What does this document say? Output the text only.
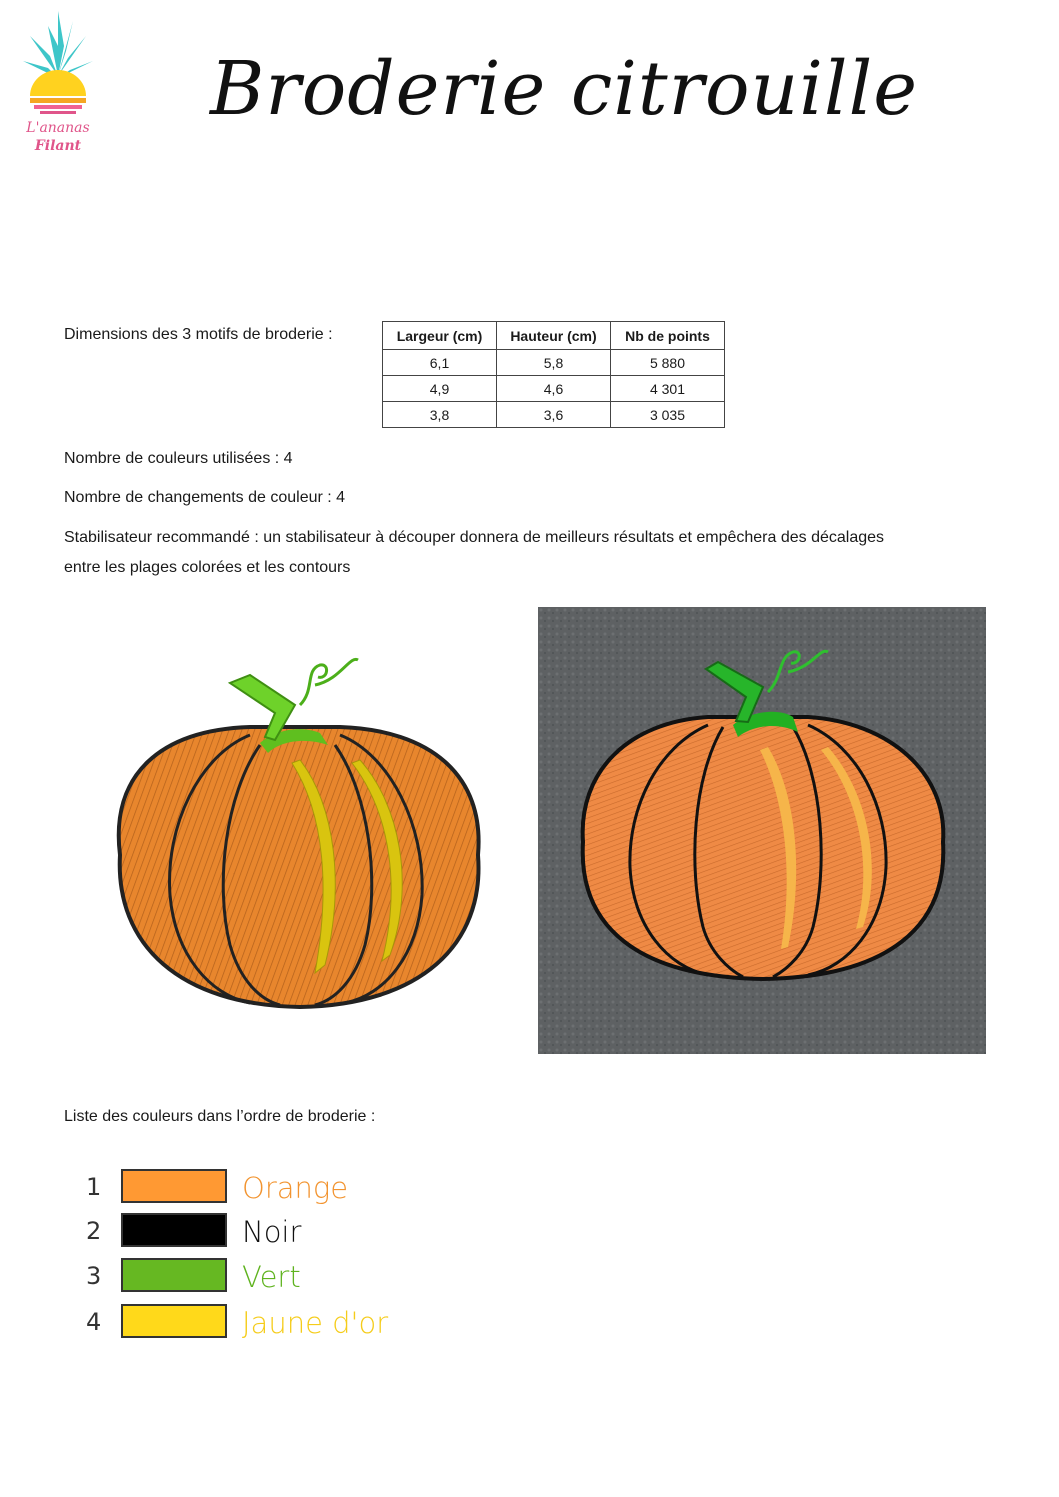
L'ananas
Filant
Broderie citrouille
Dimensions des 3 motifs de broderie :	Largeur (cm)	Hauteur (cm)	Nb de points
6,1	5,8	5 880
4,9	4,6	4 301
3,8	3,6	3 035
Nombre de couleurs utilisées : 4
Nombre de changements de couleur : 4
Stabilisateur recommandé : un stabilisateur à découper donnera de meilleurs résultats et empêchera des décalages
entre les plages colorées et les contours
Liste des couleurs dans l’ordre de broderie :
1	Orange
2	Noir
3	Vert
4	Jaune d'or
